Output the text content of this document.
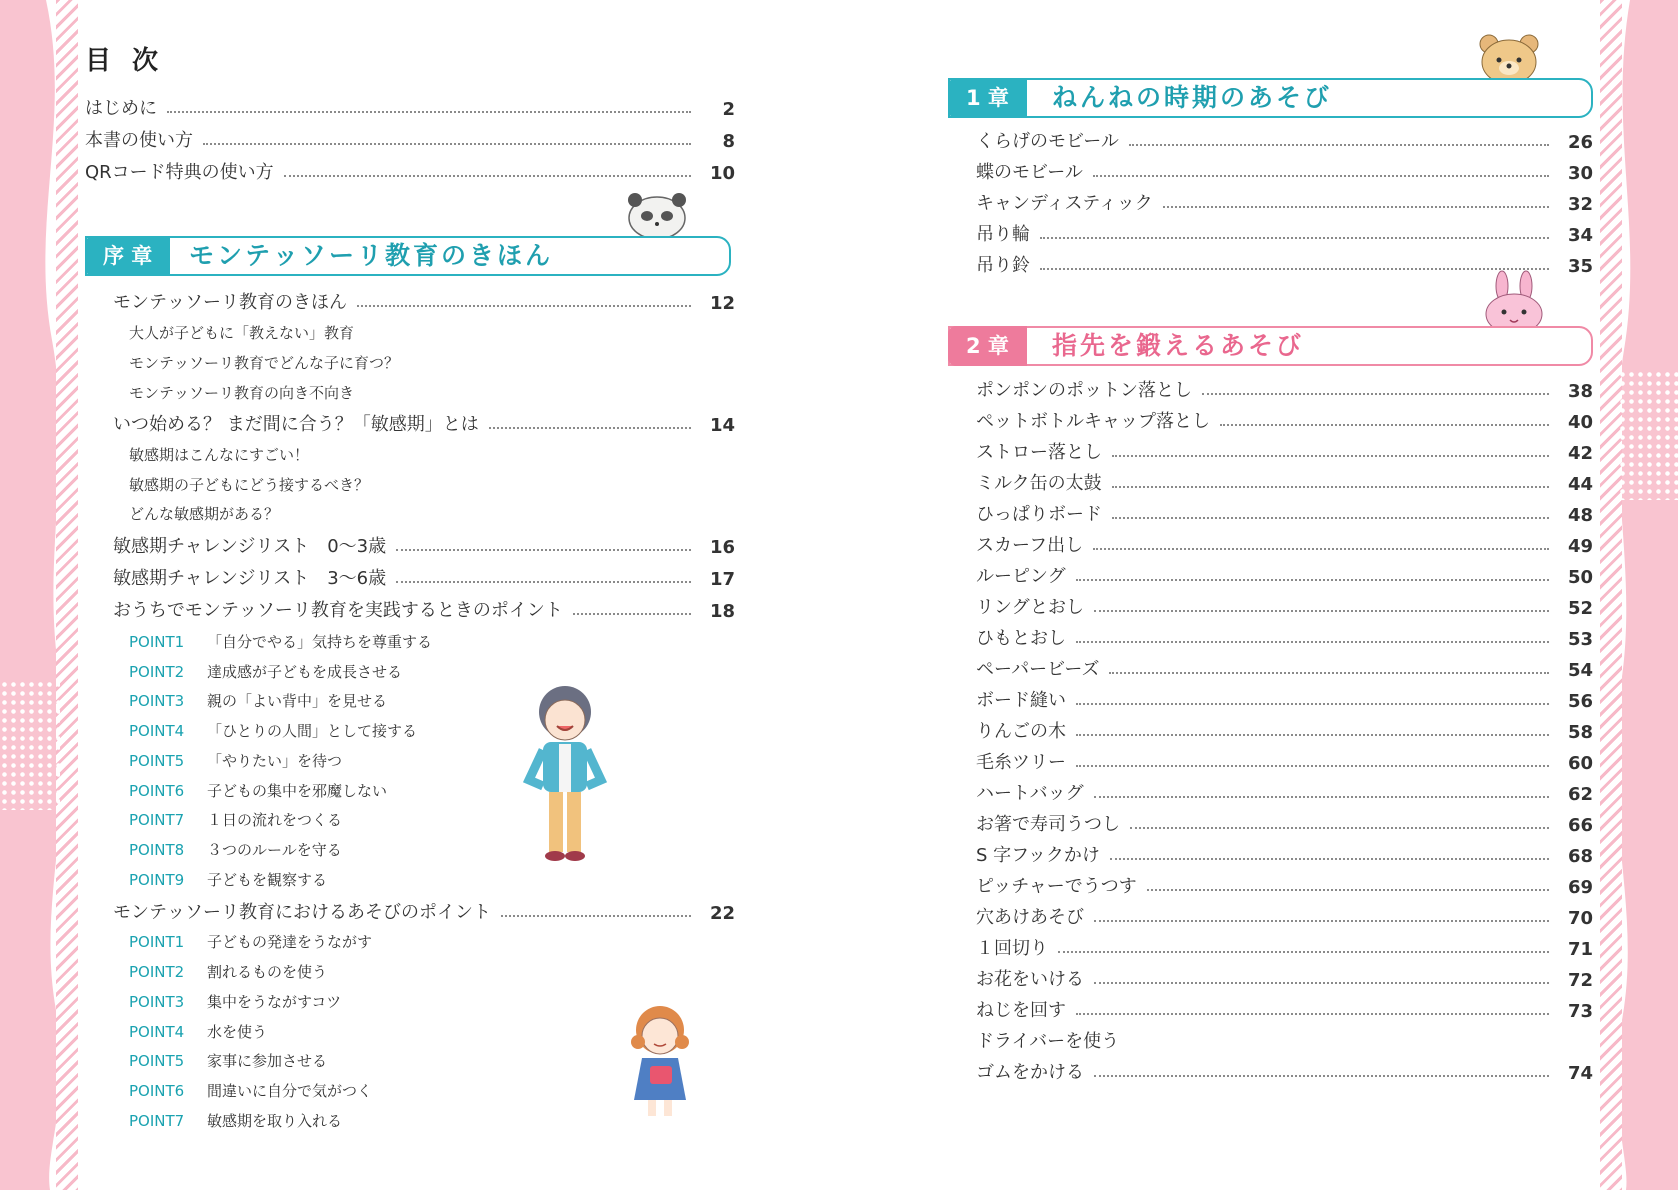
目 次
はじめに	2
本書の使い方	8
QRコード特典の使い方	10
序 章	モンテッソーリ教育のきほん
モンテッソーリ教育のきほん	12
大人が子どもに「教えない」教育
モンテッソーリ教育でどんな子に育つ？
モンテッソーリ教育の向き不向き
いつ始める？ まだ間に合う？「敏感期」とは	14
敏感期はこんなにすごい！
敏感期の子どもにどう接するべき？
どんな敏感期がある？
敏感期チャレンジリスト　0～3歳	16
敏感期チャレンジリスト　3～6歳	17
おうちでモンテッソーリ教育を実践するときのポイント	18
POINT1 「自分でやる」気持ちを尊重する
POINT2 達成感が子どもを成長させる
POINT3 親の「よい背中」を見せる
POINT4 「ひとりの人間」として接する
POINT5 「やりたい」を待つ
POINT6 子どもの集中を邪魔しない
POINT7 １日の流れをつくる
POINT8 ３つのルールを守る
POINT9 子どもを観察する
モンテッソーリ教育におけるあそびのポイント	22
POINT1 子どもの発達をうながす
POINT2 割れるものを使う
POINT3 集中をうながすコツ
POINT4 水を使う
POINT5 家事に参加させる
POINT6 間違いに自分で気がつく
POINT7 敏感期を取り入れる
1 章	ねんねの時期のあそび
くらげのモビール	26
蝶のモビール	30
キャンディスティック	32
吊り輪	34
吊り鈴	35
2 章	指先を鍛えるあそび
ポンポンのポットン落とし	38
ペットボトルキャップ落とし	40
ストロー落とし	42
ミルク缶の太鼓	44
ひっぱりボード	48
スカーフ出し	49
ルーピング	50
リングとおし	52
ひもとおし	53
ペーパービーズ	54
ボード縫い	56
りんごの木	58
毛糸ツリー	60
ハートバッグ	62
お箸で寿司うつし	66
S 字フックかけ	68
ピッチャーでうつす	69
穴あけあそび	70
１回切り	71
お花をいける	72
ねじを回す	73
ドライバーを使う
ゴムをかける	74
